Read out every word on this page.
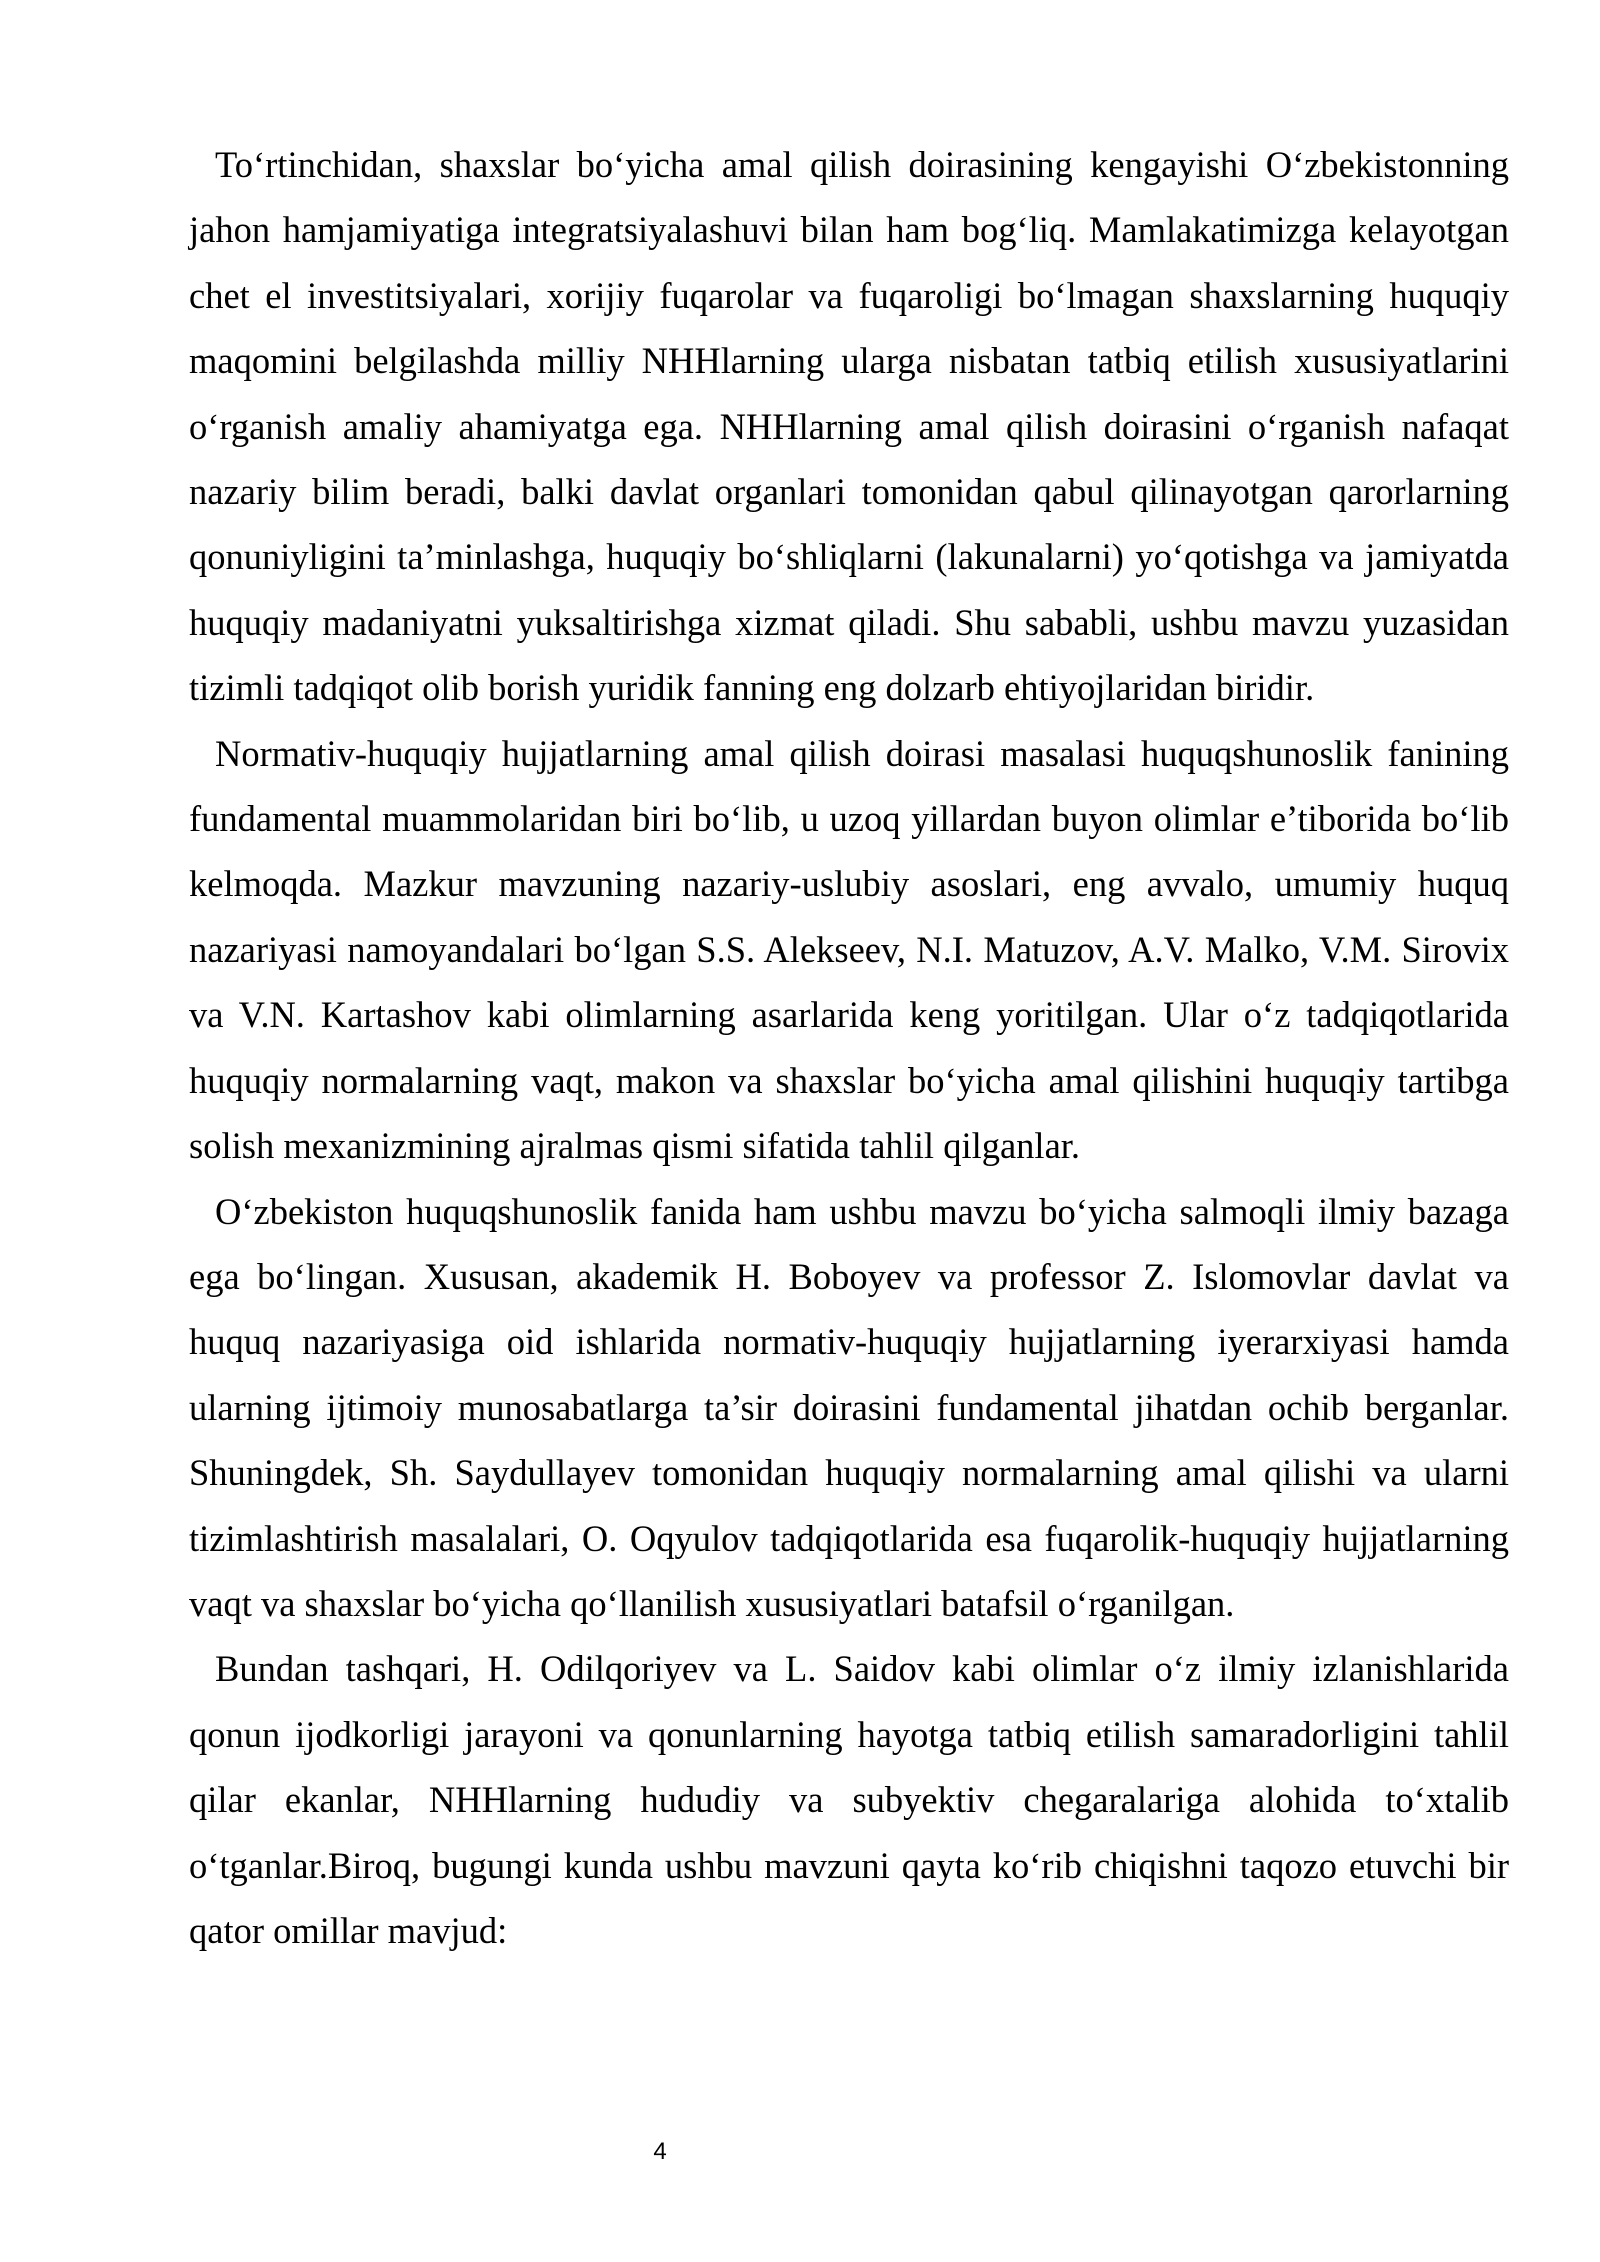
To‘rtinchidan, shaxslar bo‘yicha amal qilish doirasining kengayishi O‘zbekistonning jahon hamjamiyatiga integratsiyalashuvi bilan ham bog‘liq. Mamlakatimizga kelayotgan chet el investitsiyalari, xorijiy fuqarolar va fuqaroligi bo‘lmagan shaxslarning huquqiy maqomini belgilashda milliy NHHlarning ularga nisbatan tatbiq etilish xususiyatlarini o‘rganish amaliy ahamiyatga ega. NHHlarning amal qilish doirasini o‘rganish nafaqat nazariy bilim beradi, balki davlat organlari tomonidan qabul qilinayotgan qarorlarning qonuniyligini ta’minlashga, huquqiy bo‘shliqlarni (lakunalarni) yo‘qotishga va jamiyatda huquqiy madaniyatni yuksaltirishga xizmat qiladi. Shu sababli, ushbu mavzu yuzasidan tizimli tadqiqot olib borish yuridik fanning eng dolzarb ehtiyojlaridan biridir.

Normativ-huquqiy hujjatlarning amal qilish doirasi masalasi huquqshunoslik fanining fundamental muammolaridan biri bo‘lib, u uzoq yillardan buyon olimlar e’tiborida bo‘lib kelmoqda. Mazkur mavzuning nazariy-uslubiy asoslari, eng avvalo, umumiy huquq nazariyasi namoyandalari bo‘lgan S.S. Alekseev, N.I. Matuzov, A.V. Malko, V.M. Sirovix va V.N. Kartashov kabi olimlarning asarlarida keng yoritilgan. Ular o‘z tadqiqotlarida huquqiy normalarning vaqt, makon va shaxslar bo‘yicha amal qilishini huquqiy tartibga solish mexanizmining ajralmas qismi sifatida tahlil qilganlar.

O‘zbekiston huquqshunoslik fanida ham ushbu mavzu bo‘yicha salmoqli ilmiy bazaga ega bo‘lingan. Xususan, akademik H. Boboyev va professor Z. Islomovlar davlat va huquq nazariyasiga oid ishlarida normativ-huquqiy hujjatlarning iyerarxiyasi hamda ularning ijtimoiy munosabatlarga ta’sir doirasini fundamental jihatdan ochib berganlar. Shuningdek, Sh. Saydullayev tomonidan huquqiy normalarning amal qilishi va ularni tizimlashtirish masalalari, O. Oqyulov tadqiqotlarida esa fuqarolik-huquqiy hujjatlarning vaqt va shaxslar bo‘yicha qo‘llanilish xususiyatlari batafsil o‘rganilgan.

Bundan tashqari, H. Odilqoriyev va L. Saidov kabi olimlar o‘z ilmiy izlanishlarida qonun ijodkorligi jarayoni va qonunlarning hayotga tatbiq etilish samaradorligini tahlil qilar ekanlar, NHHlarning hududiy va subyektiv chegaralariga alohida to‘xtalib o‘tganlar.Biroq, bugungi kunda ushbu mavzuni qayta ko‘rib chiqishni taqozo etuvchi bir qator omillar mavjud:

4
